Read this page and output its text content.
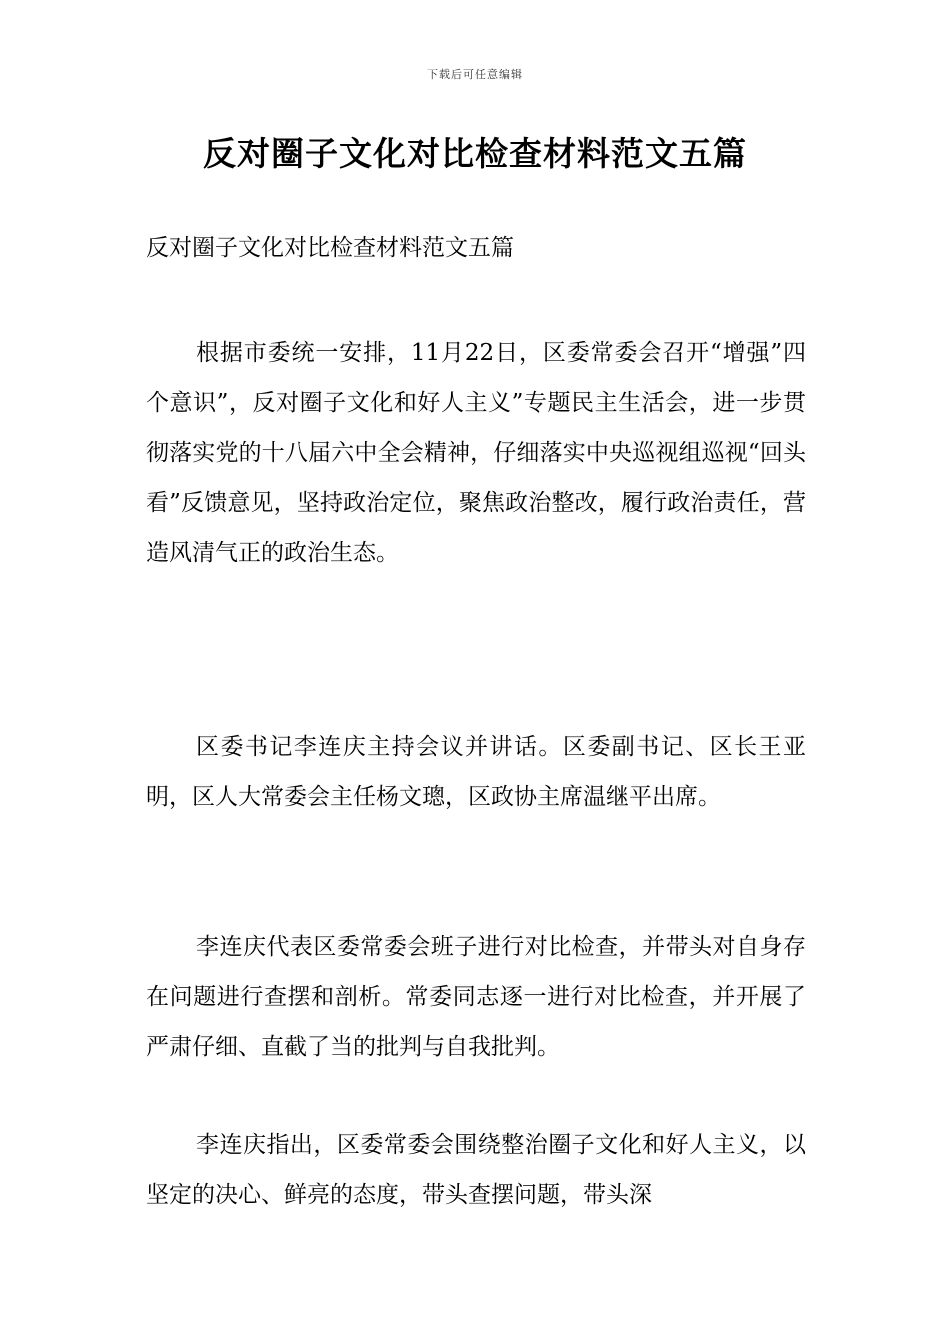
下载后可任意编辑
反对圈子文化对比检查材料范文五篇

反对圈子文化对比检查材料范文五篇

根据市委统一安排，11月22日，区委常委会召开“增强”四个意识”，反对圈子文化和好人主义”专题民主生活会，进一步贯彻落实党的十八届六中全会精神，仔细落实中央巡视组巡视“回头看”反馈意见，坚持政治定位，聚焦政治整改，履行政治责任，营造风清气正的政治生态。

区委书记李连庆主持会议并讲话。区委副书记、区长王亚明，区人大常委会主任杨文璁，区政协主席温继平出席。

李连庆代表区委常委会班子进行对比检查，并带头对自身存在问题进行查摆和剖析。常委同志逐一进行对比检查，并开展了严肃仔细、直截了当的批判与自我批判。

李连庆指出，区委常委会围绕整治圈子文化和好人主义，以坚定的决心、鲜亮的态度，带头查摆问题，带头深
